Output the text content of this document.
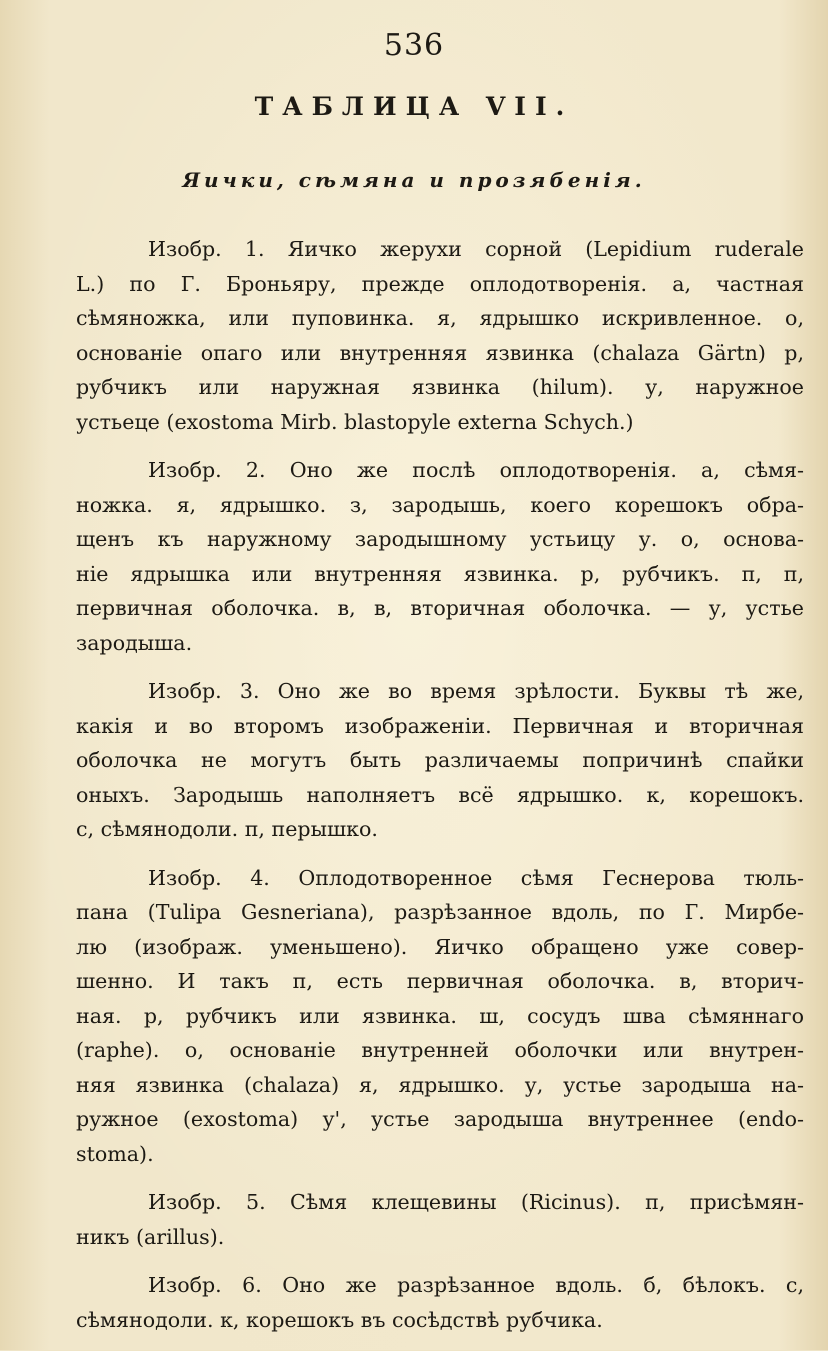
536
ТАБЛИЦА VII.
Яички, сѣмяна и прозябенія.
Изобр. 1. Яичко жерухи сорной (Lepidium ruderale
L.) по Г. Броньяру, прежде оплодотворенія. а, частная
сѣмяножка, или пуповинка. я, ядрышко искривленное. о,
основаніе опаго или внутренняя язвинка (chalaza Gärtn) р,
рубчикъ или наружная язвинка (hilum). у, наружное
устьеце (exostoma Mirb. blastopyle externa Schych.)
Изобр. 2. Оно же послѣ оплодотворенія. а, сѣмя-
ножка. я, ядрышко. з, зародышь, коего корешокъ обра-
щенъ къ наружному зародышному устьицу у. о, основа-
ніе ядрышка или внутренняя язвинка. р, рубчикъ. п, п,
первичная оболочка. в, в, вторичная оболочка. — у, устье
зародыша.
Изобр. 3. Оно же во время зрѣлости. Буквы тѣ же,
какія и во второмъ изображеніи. Первичная и вторичная
оболочка не могутъ быть различаемы попричинѣ спайки
оныхъ. Зародышь наполняетъ всё ядрышко. к, корешокъ.
с, сѣмянодоли. п, перышко.
Изобр. 4. Оплодотворенное сѣмя Геснерова тюль-
пана (Tulipa Gesneriana), разрѣзанное вдоль, по Г. Мирбе-
лю (изображ. уменьшено). Яичко обращено уже совер-
шенно. И такъ п, есть первичная оболочка. в, вторич-
ная. р, рубчикъ или язвинка. ш, сосудъ шва сѣмяннаго
(raphe). о, основаніе внутренней оболочки или внутрен-
няя язвинка (chalaza) я, ядрышко. у, устье зародыша на-
ружное (exostoma) у', устье зародыша внутреннее (endo-
stoma).
Изобр. 5. Сѣмя клещевины (Ricinus). п, присѣмян-
никъ (arillus).
Изобр. 6. Оно же разрѣзанное вдоль. б, бѣлокъ. с,
сѣмянодоли. к, корешокъ въ сосѣдствѣ рубчика.
